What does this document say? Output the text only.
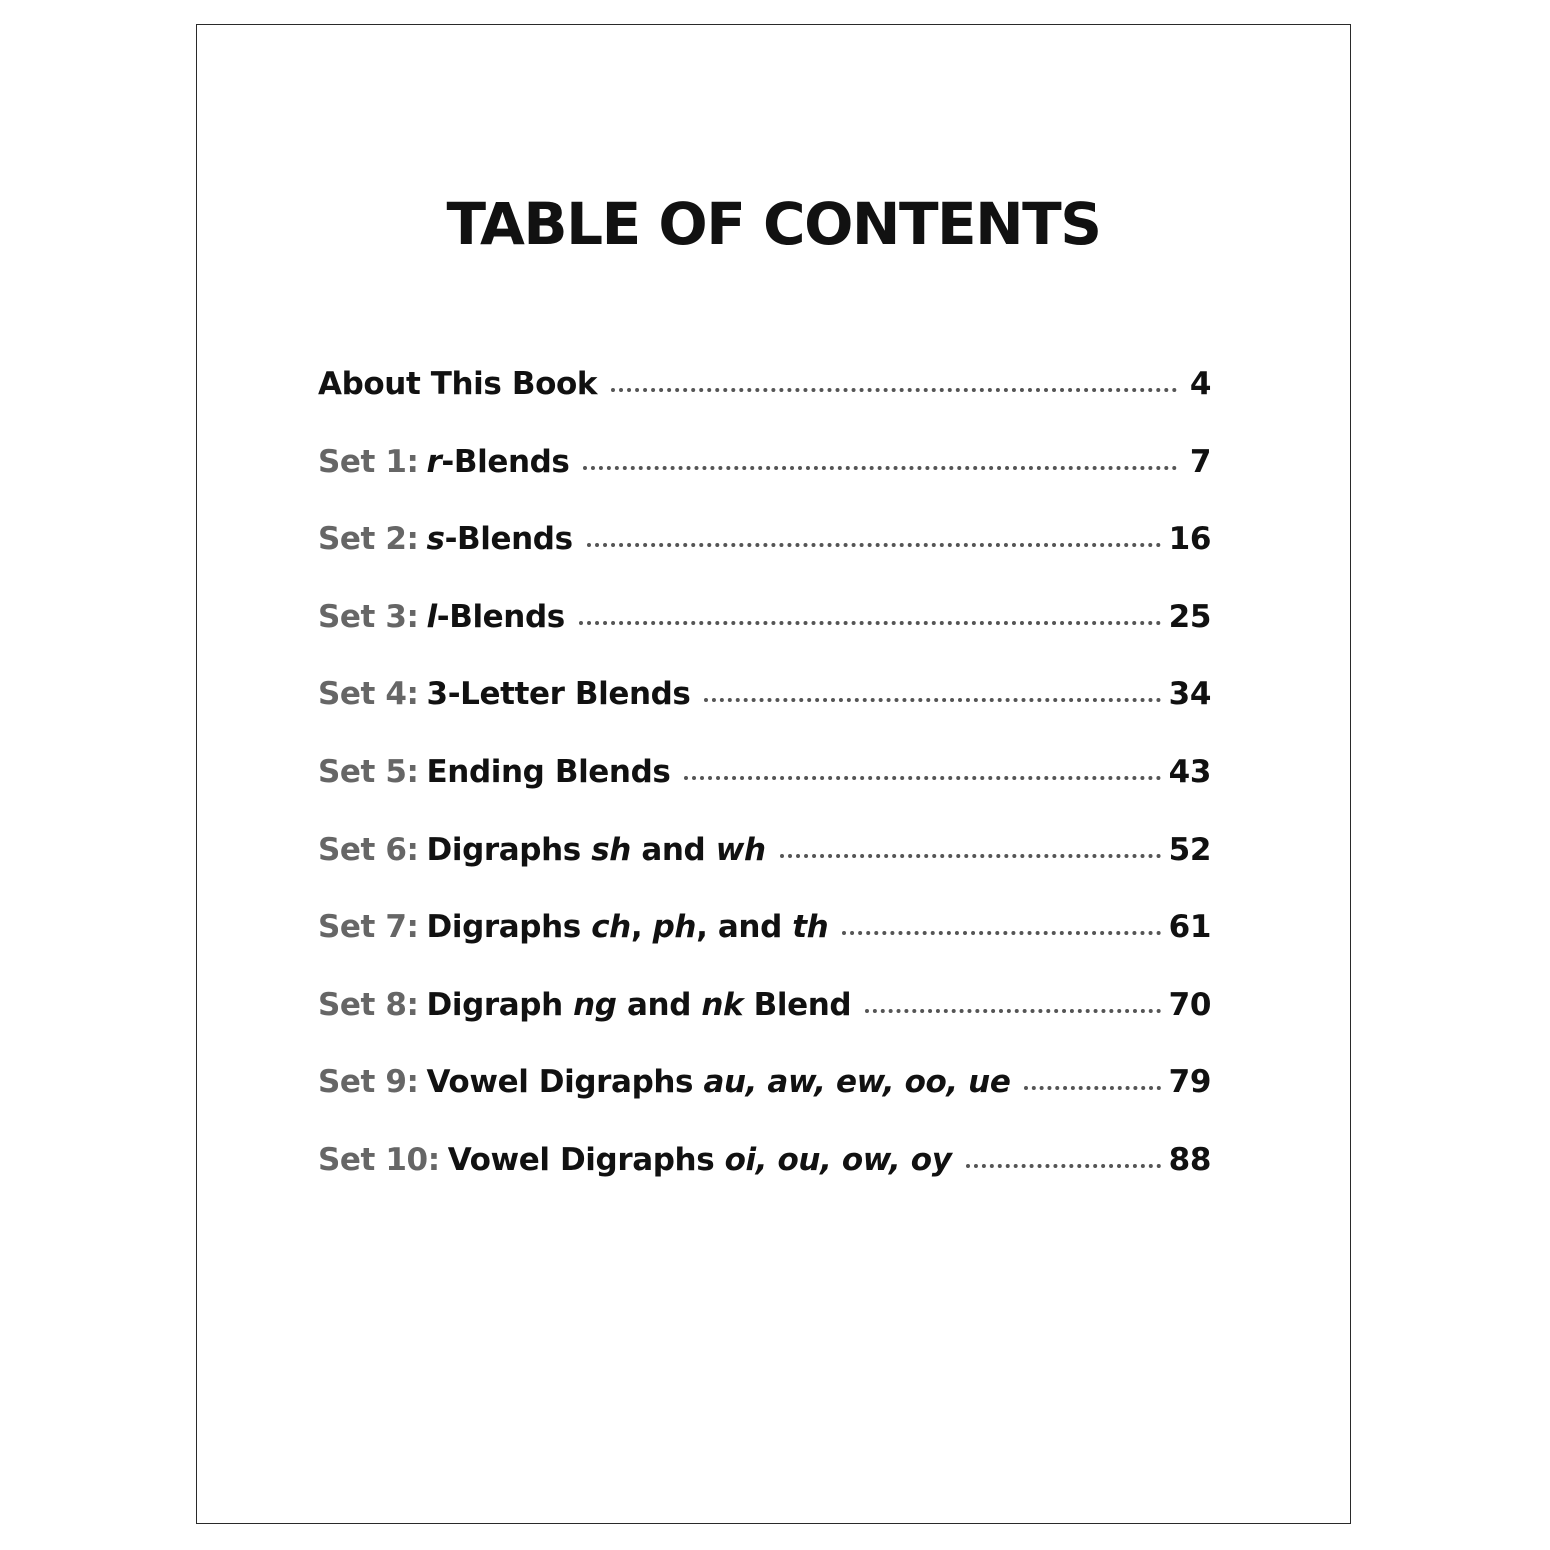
TABLE OF CONTENTS
About This Book	4
Set 1: r-Blends	7
Set 2: s-Blends	16
Set 3: l-Blends	25
Set 4: 3-Letter Blends	34
Set 5: Ending Blends	43
Set 6: Digraphs sh and wh	52
Set 7: Digraphs ch, ph, and th	61
Set 8: Digraph ng and nk Blend	70
Set 9: Vowel Digraphs au, aw, ew, oo, ue	79
Set 10: Vowel Digraphs oi, ou, ow, oy	88
